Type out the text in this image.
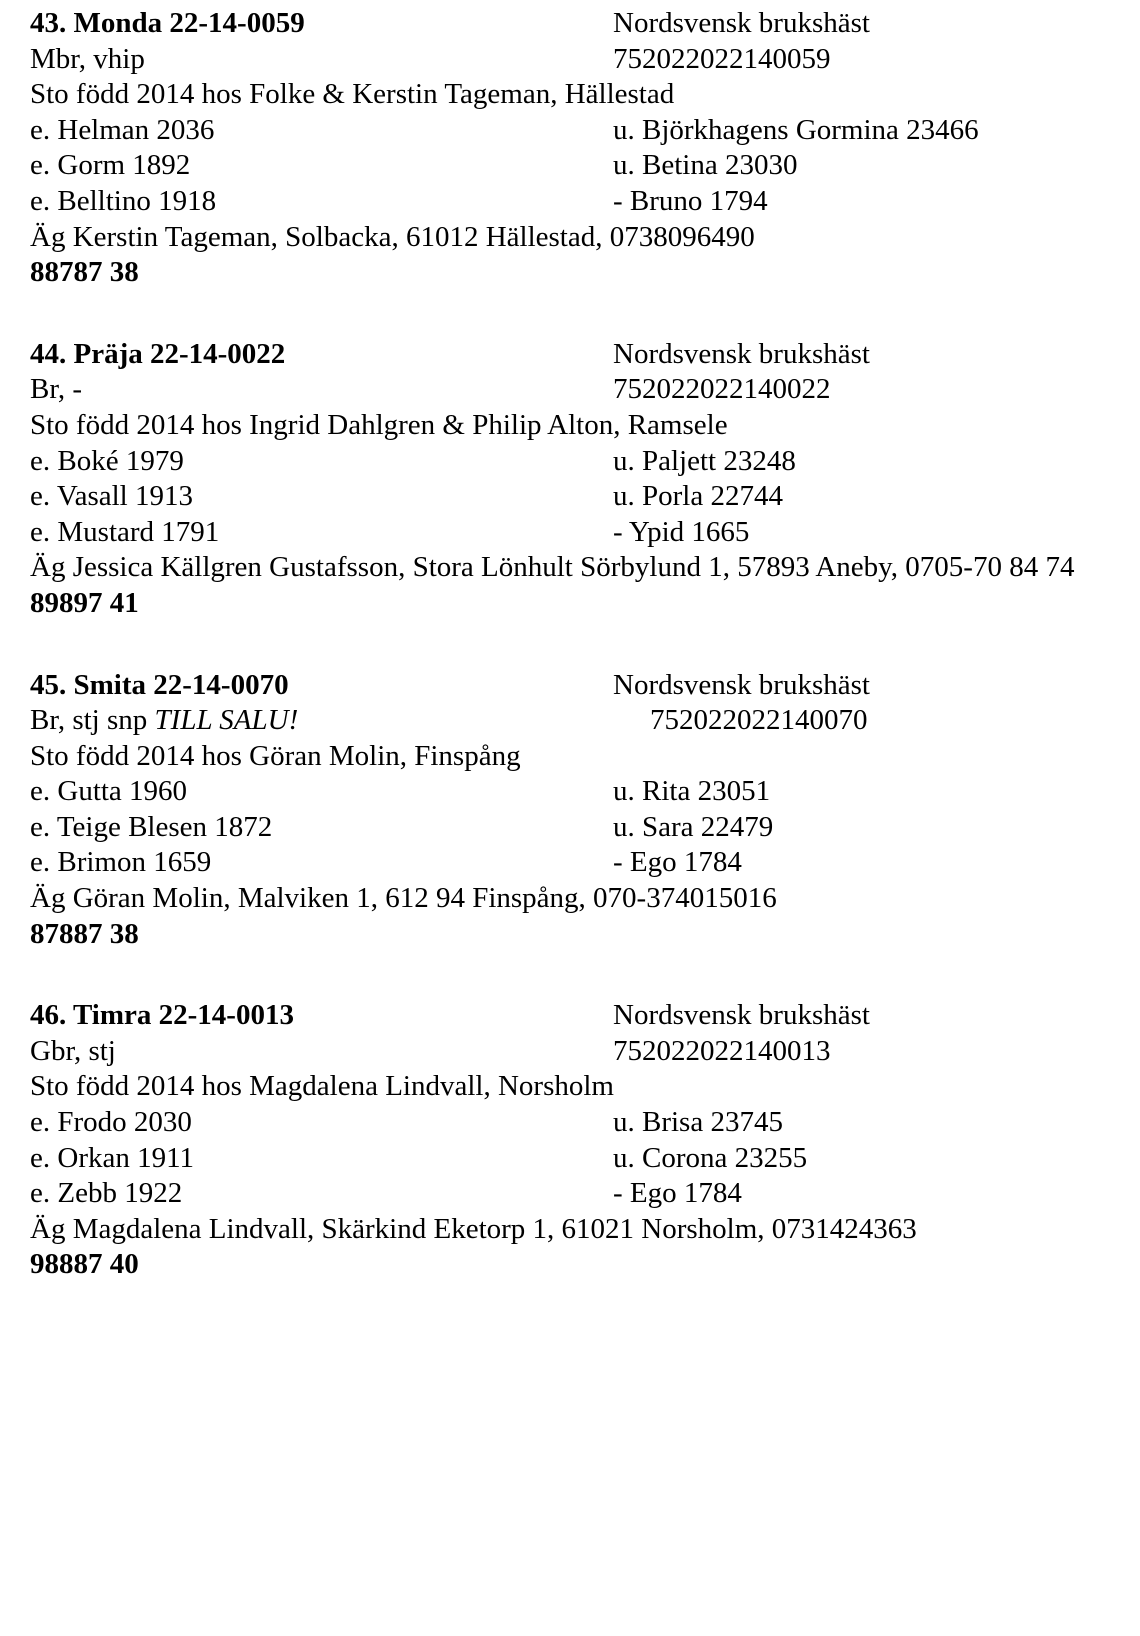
43. Monda 22-14-0059	Nordsvensk brukshäst
Mbr, vhip	752022022140059
Sto född 2014 hos Folke & Kerstin Tageman, Hällestad
e. Helman 2036	u. Björkhagens Gormina 23466
e. Gorm 1892	u. Betina 23030
e. Belltino 1918	- Bruno 1794
Äg Kerstin Tageman, Solbacka, 61012 Hällestad, 0738096490
88787 38
44. Präja 22-14-0022	Nordsvensk brukshäst
Br, -	752022022140022
Sto född 2014 hos Ingrid Dahlgren & Philip Alton, Ramsele
e. Boké 1979	u. Paljett 23248
e. Vasall 1913	u. Porla 22744
e. Mustard 1791	- Ypid 1665
Äg Jessica Källgren Gustafsson, Stora Lönhult Sörbylund 1, 57893 Aneby, 0705-70 84 74
89897 41
45. Smita 22-14-0070	Nordsvensk brukshäst
Br, stj snp TILL SALU!	752022022140070
Sto född 2014 hos Göran Molin, Finspång
e. Gutta 1960	u. Rita 23051
e. Teige Blesen 1872	u. Sara 22479
e. Brimon 1659	- Ego 1784
Äg Göran Molin, Malviken 1, 612 94 Finspång, 070-374015016
87887 38
46. Timra 22-14-0013	Nordsvensk brukshäst
Gbr, stj	752022022140013
Sto född 2014 hos Magdalena Lindvall, Norsholm
e. Frodo 2030	u. Brisa 23745
e. Orkan 1911	u. Corona 23255
e. Zebb 1922	- Ego 1784
Äg Magdalena Lindvall, Skärkind Eketorp 1, 61021 Norsholm, 0731424363
98887 40
